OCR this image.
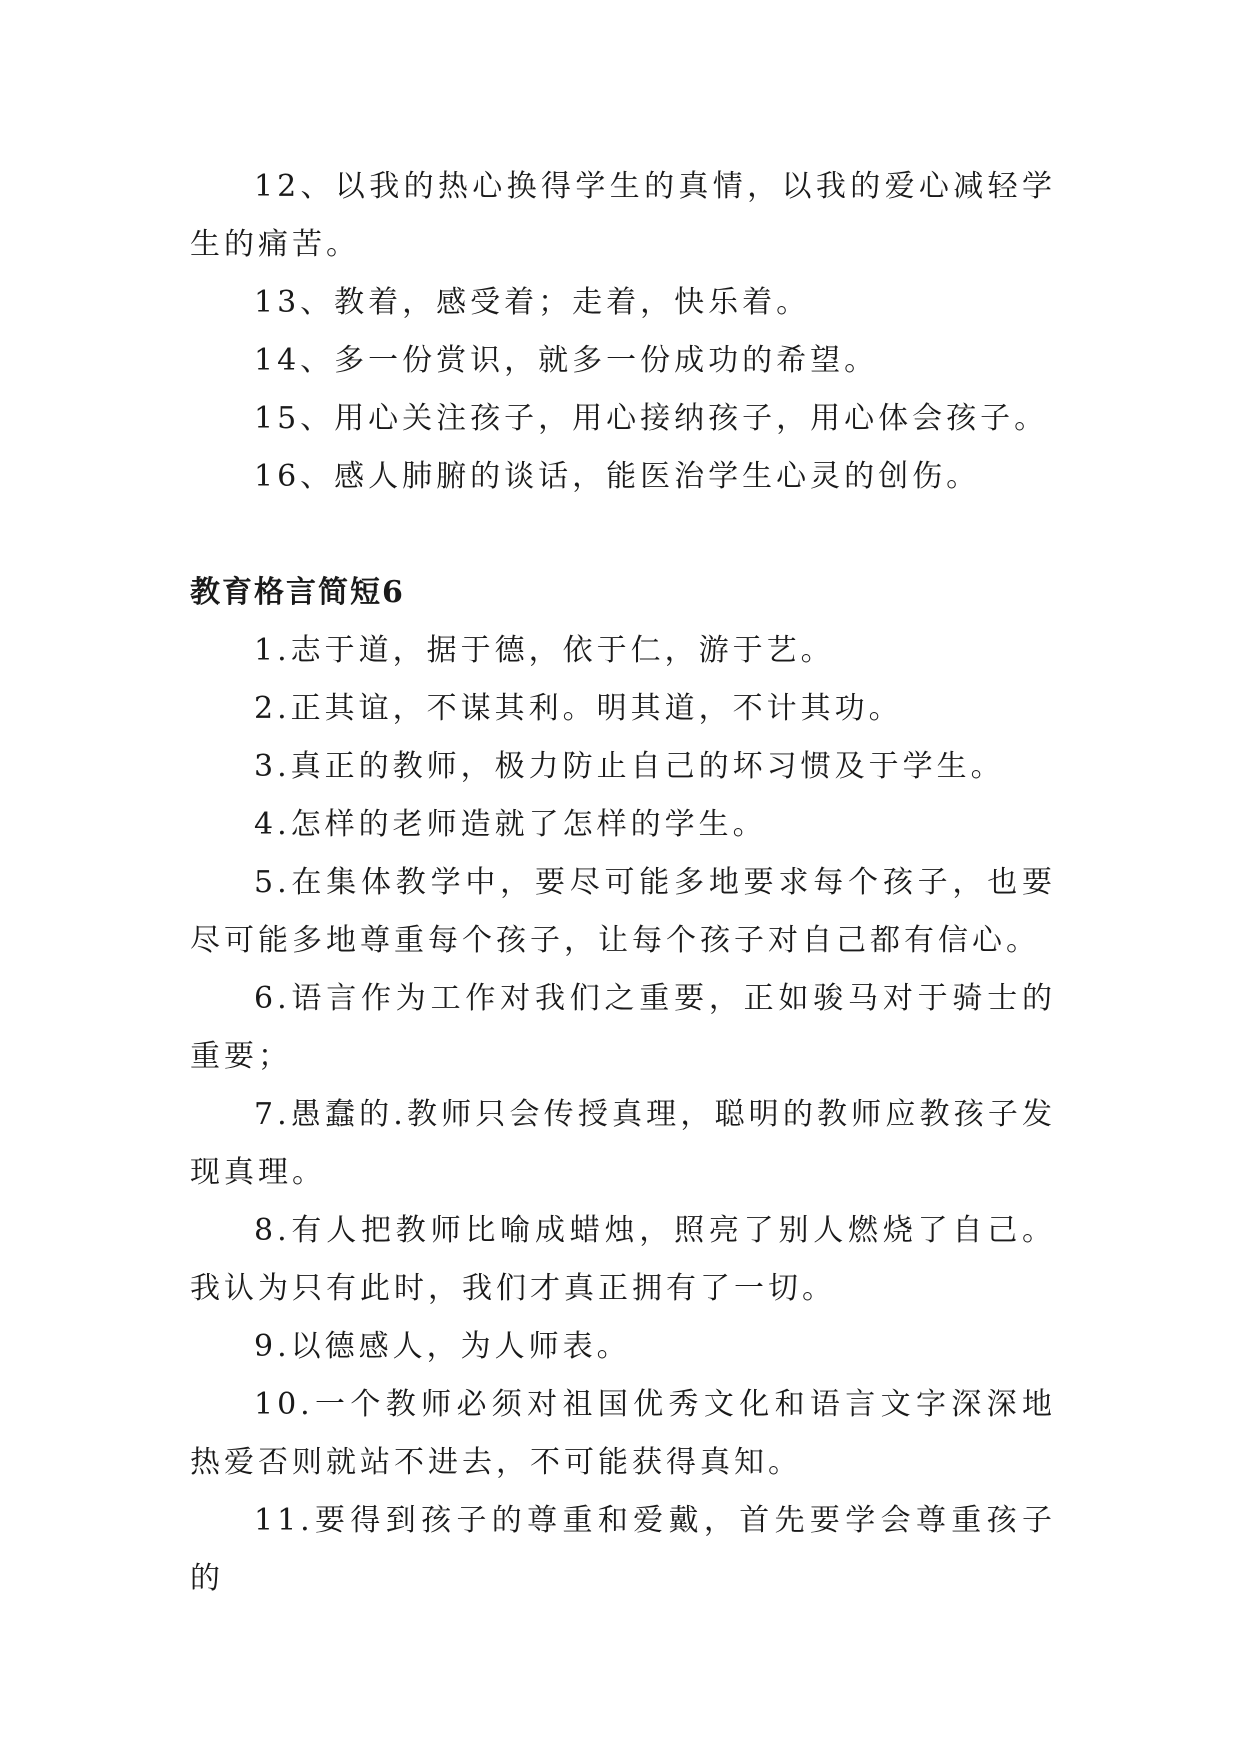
12、以我的热心换得学生的真情，以我的爱心减轻学生的痛苦。

13、教着，感受着；走着，快乐着。

14、多一份赏识，就多一份成功的希望。

15、用心关注孩子，用心接纳孩子，用心体会孩子。

16、感人肺腑的谈话，能医治学生心灵的创伤。

教育格言简短6

1.志于道，据于德，依于仁，游于艺。

2.正其谊，不谋其利。明其道，不计其功。

3.真正的教师，极力防止自己的坏习惯及于学生。

4.怎样的老师造就了怎样的学生。

5.在集体教学中，要尽可能多地要求每个孩子，也要尽可能多地尊重每个孩子，让每个孩子对自己都有信心。

6.语言作为工作对我们之重要，正如骏马对于骑士的重要；

7.愚蠢的.教师只会传授真理，聪明的教师应教孩子发现真理。

8.有人把教师比喻成蜡烛，照亮了别人燃烧了自己。我认为只有此时，我们才真正拥有了一切。

9.以德感人，为人师表。

10.一个教师必须对祖国优秀文化和语言文字深深地热爱否则就站不进去，不可能获得真知。

11.要得到孩子的尊重和爱戴，首先要学会尊重孩子的
